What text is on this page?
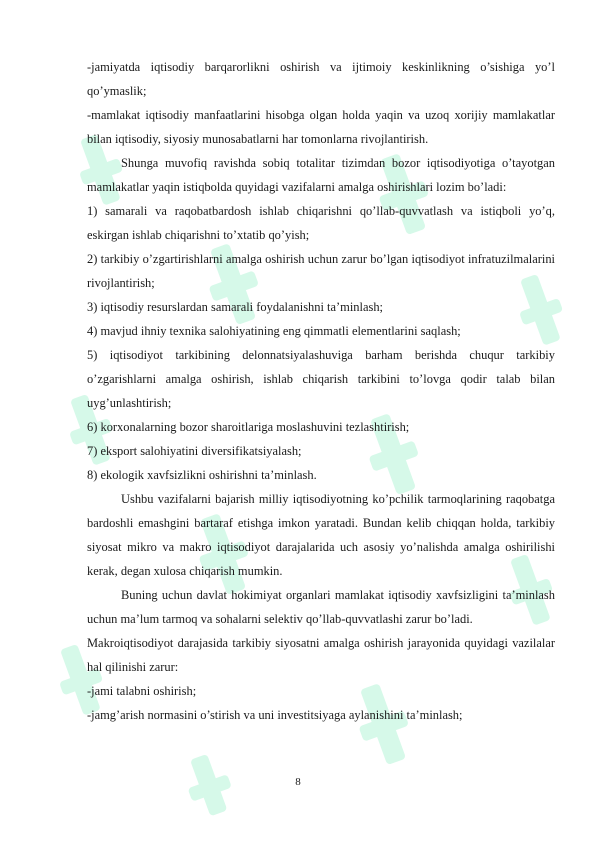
-jamiyatda iqtisodiy barqarorlikni oshirish va ijtimoiy keskinlikning o’sishiga yo’l qo’ymaslik;

-mamlakat iqtisodiy manfaatlarini hisobga olgan holda yaqin va uzoq xorijiy mamlakatlar bilan iqtisodiy, siyosiy munosabatlarni har tomonlarna rivojlantirish.

Shunga muvofiq ravishda sobiq totalitar tizimdan bozor iqtisodiyotiga o’tayotgan mamlakatlar yaqin istiqbolda quyidagi vazifalarni amalga oshirishlari lozim bo’ladi:

1) samarali va raqobatbardosh ishlab chiqarishni qo’llab-quvvatlash va istiqboli yo’q, eskirgan ishlab chiqarishni to’xtatib qo’yish;

2) tarkibiy o’zgartirishlarni amalga oshirish uchun zarur bo’lgan iqtisodiyot infratuzilmalarini rivojlantirish;

3) iqtisodiy resurslardan samarali foydalanishni ta’minlash;

4) mavjud ihniy texnika salohiyatining eng qimmatli elementlarini saqlash;

5) iqtisodiyot tarkibining delonnatsiyalashuviga barham berishda chuqur tarkibiy o’zgarishlarni amalga oshirish, ishlab chiqarish tarkibini to’lovga qodir talab bilan uyg’unlashtirish;

6) korxonalarning bozor sharoitlariga moslashuvini tezlashtirish;

7) eksport salohiyatini diversifikatsiyalash;

8) ekologik xavfsizlikni oshirishni ta’minlash.

Ushbu vazifalarni bajarish milliy iqtisodiyotning ko’pchilik tarmoqlarining raqobatga bardoshli emashgini bartaraf etishga imkon yaratadi. Bundan kelib chiqqan holda, tarkibiy siyosat mikro va makro iqtisodiyot darajalarida uch asosiy yo’nalishda amalga oshirilishi kerak, degan xulosa chiqarish mumkin.

Buning uchun davlat hokimiyat organlari mamlakat iqtisodiy xavfsizligini ta’minlash uchun ma’lum tarmoq va sohalarni selektiv qo’llab-quvvatlashi zarur bo’ladi.

Makroiqtisodiyot darajasida tarkibiy siyosatni amalga oshirish jarayonida quyidagi vazilalar hal qilinishi zarur:

-jami talabni oshirish;

-jamg’arish normasini o’stirish va uni investitsiyaga aylanishini ta’minlash;

8
